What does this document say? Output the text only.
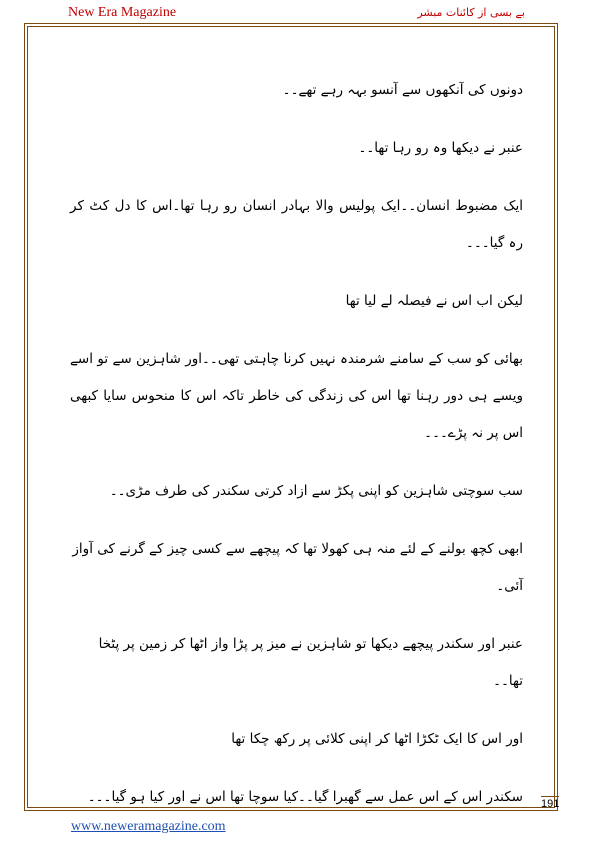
New Era Magazine	بے بسی از کائنات مبشر

دونوں کی آنکھوں سے آنسو بہہ رہے تھے۔۔

عنبر نے دیکھا وہ رو رہا تھا۔۔

ایک مضبوط انسان۔۔ایک پولیس والا بہادر انسان رو رہا تھا۔اس کا دل کٹ کر رہ گیا۔۔۔

لیکن اب اس نے فیصلہ لے لیا تھا

بھائی کو سب کے سامنے شرمندہ نہیں کرنا چاہتی تھی۔۔اور شاہزین سے تو اسے ویسے ہی دور رہنا تھا اس کی زندگی کی خاطر تاکہ اس کا منحوس سایا کبھی اس پر نہ پڑے۔۔۔

سب سوچتی شاہزین کو اپنی پکڑ سے ازاد کرتی سکندر کی طرف مڑی۔۔

ابھی کچھ بولنے کے لئے منہ ہی کھولا تھا کہ پیچھے سے کسی چیز کے گرنے کی آواز آئی۔

عنبر اور سکندر پیچھے دیکھا تو شاہزین نے میز پر پڑا واز اٹھا کر زمین پر پٹخا تھا۔۔

اور اس کا ایک ٹکڑا اٹھا کر اپنی کلائی پر رکھ چکا تھا

سکندر اس کے اس عمل سے گھبرا گیا۔۔کیا سوچا تھا اس نے اور کیا ہو گیا۔۔۔ 191
www.neweramagazine.com
